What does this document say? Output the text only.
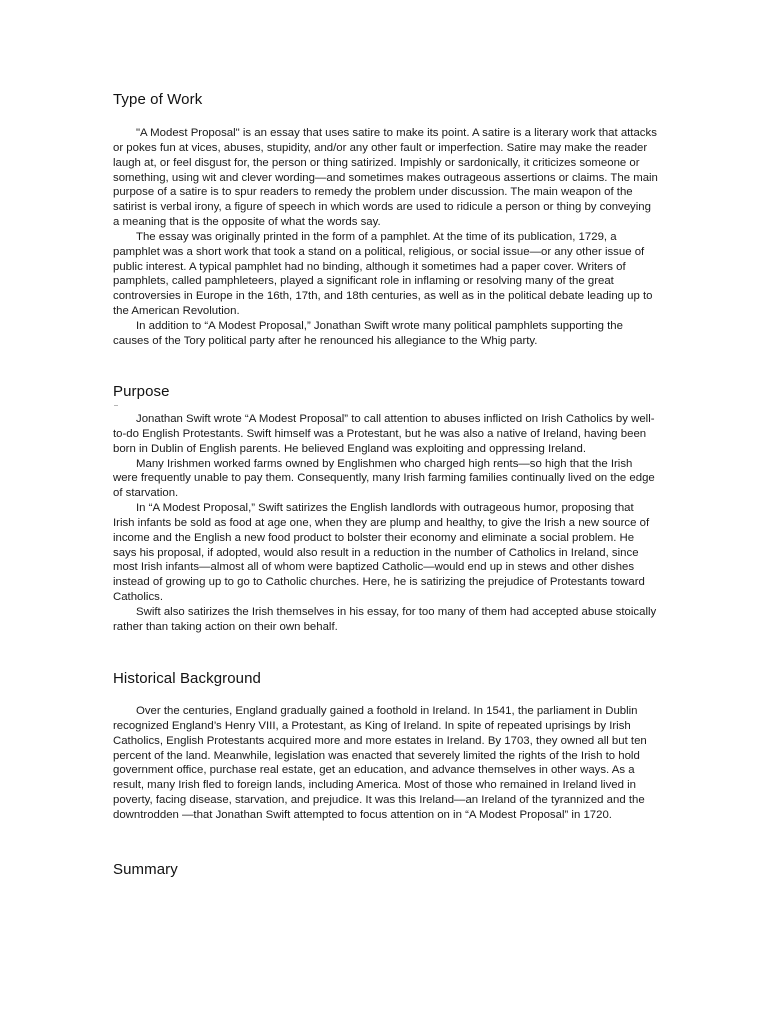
Type of Work

"A Modest Proposal" is an essay that uses satire to make its point. A satire is a literary work that attacks or pokes fun at vices, abuses, stupidity, and/or any other fault or imperfection. Satire may make the reader laugh at, or feel disgust for, the person or thing satirized. Impishly or sardonically, it criticizes someone or something, using wit and clever wording—and sometimes makes outrageous assertions or claims. The main purpose of a satire is to spur readers to remedy the problem under discussion. The main weapon of the satirist is verbal irony, a figure of speech in which words are used to ridicule a person or thing by conveying a meaning that is the opposite of what the words say.

The essay was originally printed in the form of a pamphlet. At the time of its publication, 1729, a pamphlet was a short work that took a stand on a political, religious, or social issue—or any other issue of public interest. A typical pamphlet had no binding, although it sometimes had a paper cover. Writers of pamphlets, called pamphleteers, played a significant role in inflaming or resolving many of the great controversies in Europe in the 16th, 17th, and 18th centuries, as well as in the political debate leading up to the American Revolution.

In addition to “A Modest Proposal,” Jonathan Swift wrote many political pamphlets supporting the causes of the Tory political party after he renounced his allegiance to the Whig party.

Purpose

Jonathan Swift wrote “A Modest Proposal” to call attention to abuses inflicted on Irish Catholics by well-to-do English Protestants. Swift himself was a Protestant, but he was also a native of Ireland, having been born in Dublin of English parents. He believed England was exploiting and oppressing Ireland.

Many Irishmen worked farms owned by Englishmen who charged high rents—so high that the Irish were frequently unable to pay them. Consequently, many Irish farming families continually lived on the edge of starvation.

In “A Modest Proposal,” Swift satirizes the English landlords with outrageous humor, proposing that Irish infants be sold as food at age one, when they are plump and healthy, to give the Irish a new source of income and the English a new food product to bolster their economy and eliminate a social problem. He says his proposal, if adopted, would also result in a reduction in the number of Catholics in Ireland, since most Irish infants—almost all of whom were baptized Catholic—would end up in stews and other dishes instead of growing up to go to Catholic churches. Here, he is satirizing the prejudice of Protestants toward Catholics.

Swift also satirizes the Irish themselves in his essay, for too many of them had accepted abuse stoically rather than taking action on their own behalf.

Historical Background

Over the centuries, England gradually gained a foothold in Ireland. In 1541, the parliament in Dublin recognized England’s Henry VIII, a Protestant, as King of Ireland. In spite of repeated uprisings by Irish Catholics, English Protestants acquired more and more estates in Ireland. By 1703, they owned all but ten percent of the land. Meanwhile, legislation was enacted that severely limited the rights of the Irish to hold government office, purchase real estate, get an education, and advance themselves in other ways. As a result, many Irish fled to foreign lands, including America. Most of those who remained in Ireland lived in poverty, facing disease, starvation, and prejudice. It was this Ireland—an Ireland of the tyrannized and the downtrodden —that Jonathan Swift attempted to focus attention on in “A Modest Proposal” in 1720.

Summary
